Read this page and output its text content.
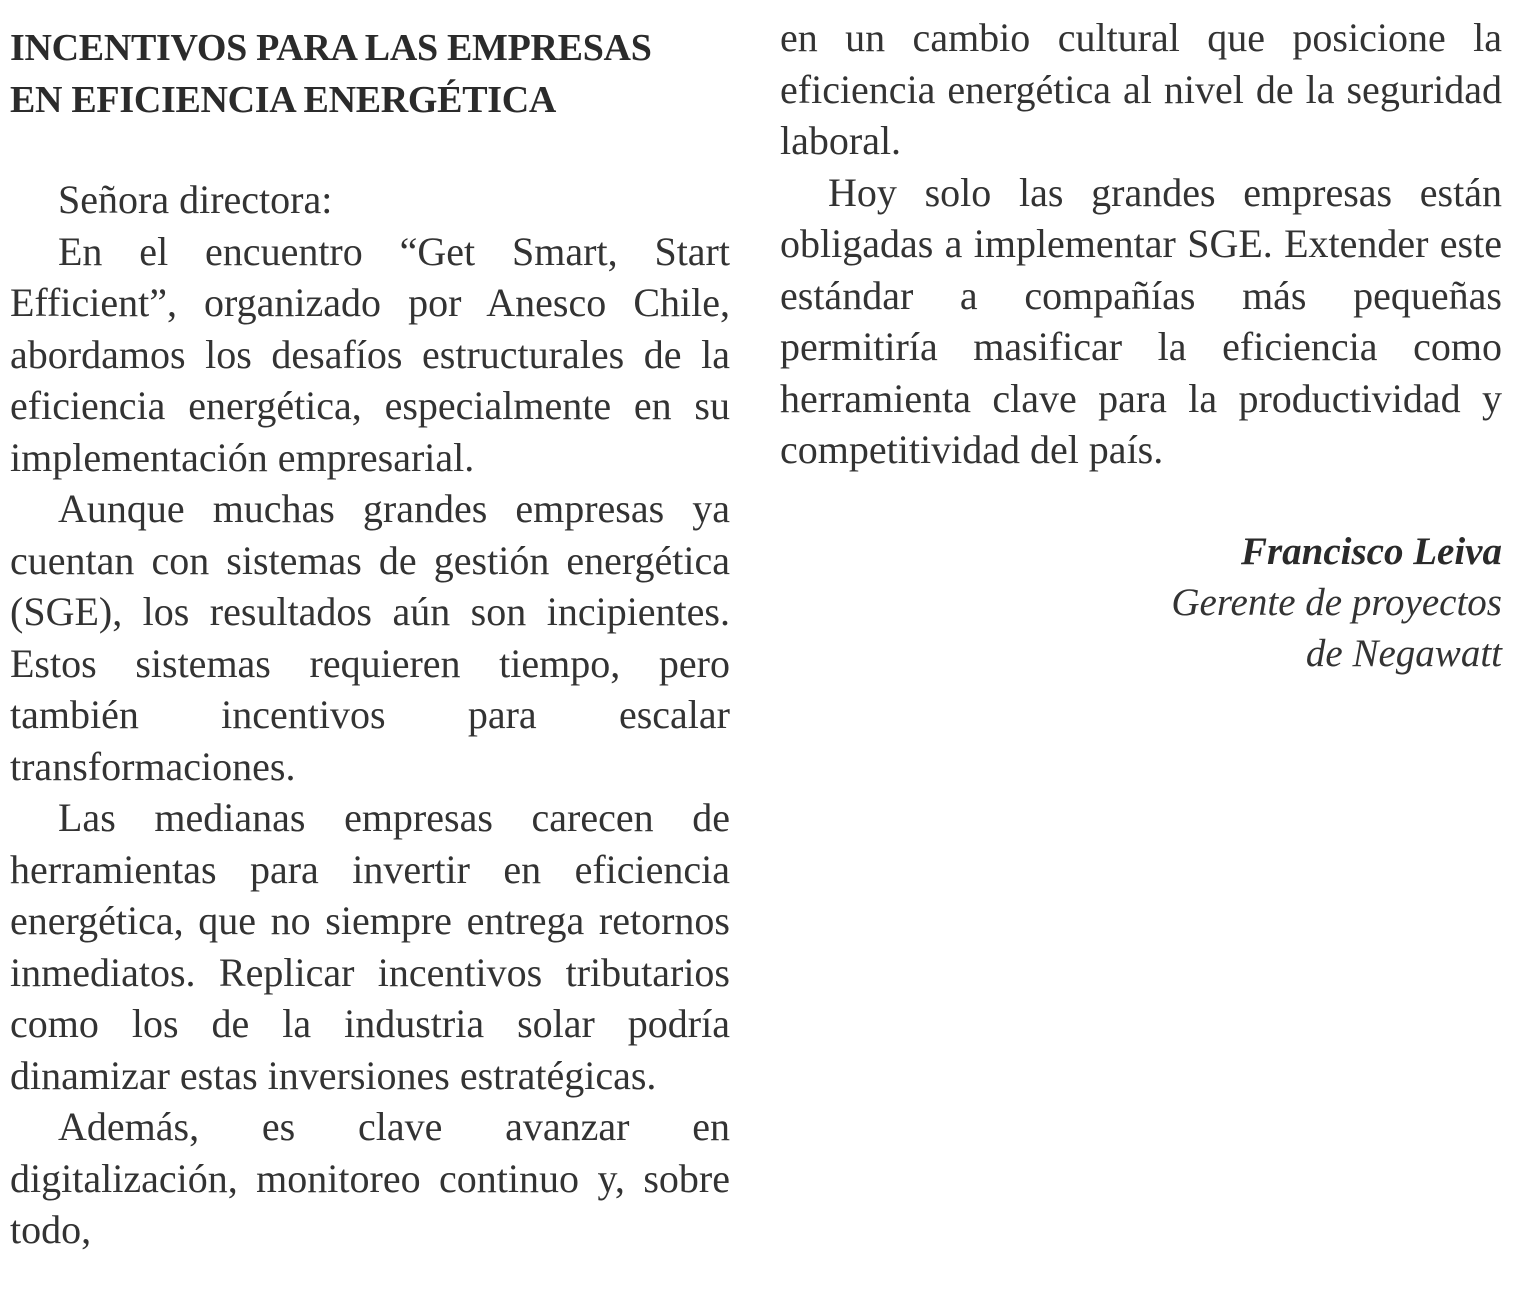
INCENTIVOS PARA LAS EMPRESAS
EN EFICIENCIA ENERGÉTICA

Señora directora:

En el encuentro “Get Smart, Start Efficient”, organizado por Anesco Chile, abordamos los desafíos estructurales de la eficiencia energética, especialmente en su implementación empresarial.

Aunque muchas grandes empresas ya cuentan con sistemas de gestión energética (SGE), los resultados aún son incipientes. Estos sistemas requieren tiempo, pero también incentivos para escalar transformaciones.

Las medianas empresas carecen de herramientas para invertir en eficiencia energética, que no siempre entrega retornos inmediatos. Replicar incentivos tributarios como los de la industria solar podría dinamizar estas inversiones estratégicas.

Además, es clave avanzar en digitalización, monitoreo continuo y, sobre todo,

en un cambio cultural que posicione la eficiencia energética al nivel de la seguridad laboral.

Hoy solo las grandes empresas están obligadas a implementar SGE. Extender este estándar a compañías más pequeñas permitiría masificar la eficiencia como herramienta clave para la productividad y competitividad del país.

Francisco Leiva
Gerente de proyectos
de Negawatt
